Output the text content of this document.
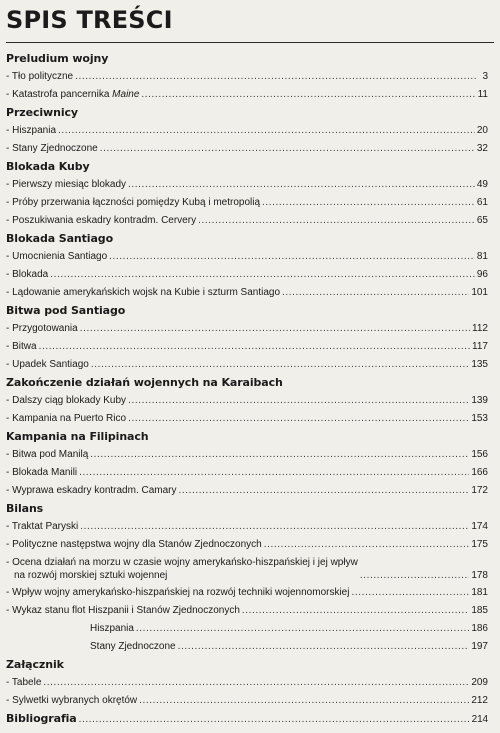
SPIS TREŚCI
Preludium wojny
- Tło polityczne .....	3
- Katastrofa pancernika Maine .....	11
Przeciwnicy
- Hiszpania .....	20
- Stany Zjednoczone .....	32
Blokada Kuby
- Pierwszy miesiąc blokady .....	49
- Próby przerwania łączności pomiędzy Kubą i metropolią .....	61
- Poszukiwania eskadry kontradm. Cervery .....	65
Blokada Santiago
- Umocnienia Santiago .....	81
- Blokada .....	96
- Lądowanie amerykańskich wojsk na Kubie i szturm Santiago .....	101
Bitwa pod Santiago
- Przygotowania .....	112
- Bitwa .....	117
- Upadek Santiago .....	135
Zakończenie działań wojennych na Karaibach
- Dalszy ciąg blokady Kuby .....	139
- Kampania na Puerto Rico .....	153
Kampania na Filipinach
- Bitwa pod Manilą .....	156
- Blokada Manili .....	166
- Wyprawa eskadry kontradm. Camary .....	172
Bilans
- Traktat Paryski .....	174
- Polityczne następstwa wojny dla Stanów Zjednoczonych .....	175
- Ocena działań na morzu w czasie wojny amerykańsko-hiszpańskiej i jej wpływ
na rozwój morskiej sztuki wojennej .....	178
- Wpływ wojny amerykańsko-hiszpańskiej na rozwój techniki wojennomorskiej .....	181
- Wykaz stanu flot Hiszpanii i Stanów Zjednoczonych .....	185
Hiszpania .....	186
Stany Zjednoczone .....	197
Załącznik
- Tabele .....	209
- Sylwetki wybranych okrętów .....	212
Bibliografia .....	214
